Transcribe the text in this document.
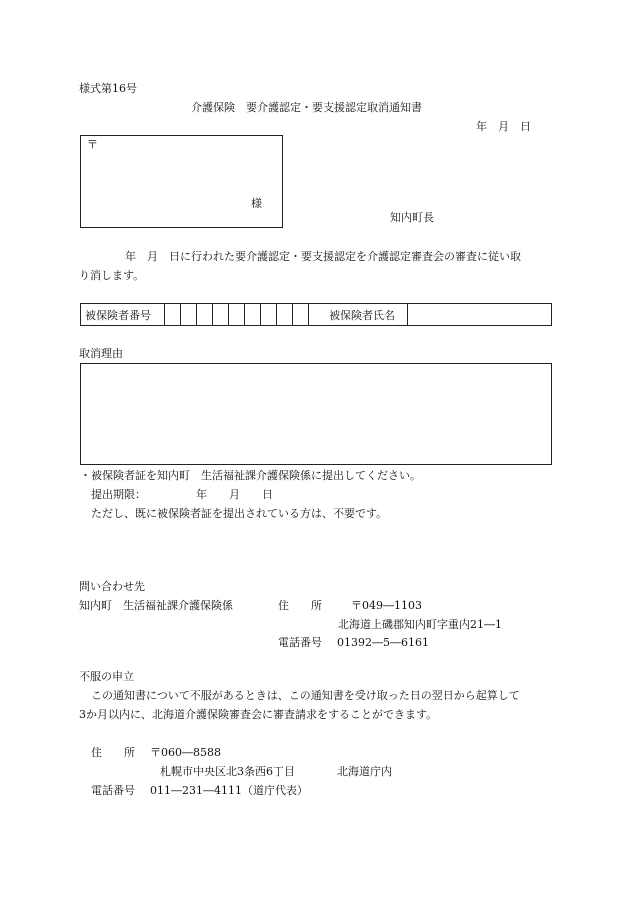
様式第16号
介護保険　要介護認定・要支援認定取消通知書
年　月　日
〒
様
知内町長
年　月　日に行われた要介護認定・要支援認定を介護認定審査会の審査に従い取
り消します。
被保険者番号	被保険者氏名
取消理由
・被保険者証を知内町　生活福祉課介護保険係に提出してください。
提出期限：	年　　月　　日
ただし、既に被保険者証を提出されている方は、不要です。
問い合わせ先
知内町　生活福祉課介護保険係	住　　所	〒049―1103
北海道上磯郡知内町字重内21―1
電話番号 01392―5―6161
不服の申立
この通知書について不服があるときは、この通知書を受け取った日の翌日から起算して
3か月以内に、北海道介護保険審査会に審査請求をすることができます。
住　　所 〒060―8588
札幌市中央区北3条西6丁目	北海道庁内
電話番号 011―231―4111（道庁代表）
